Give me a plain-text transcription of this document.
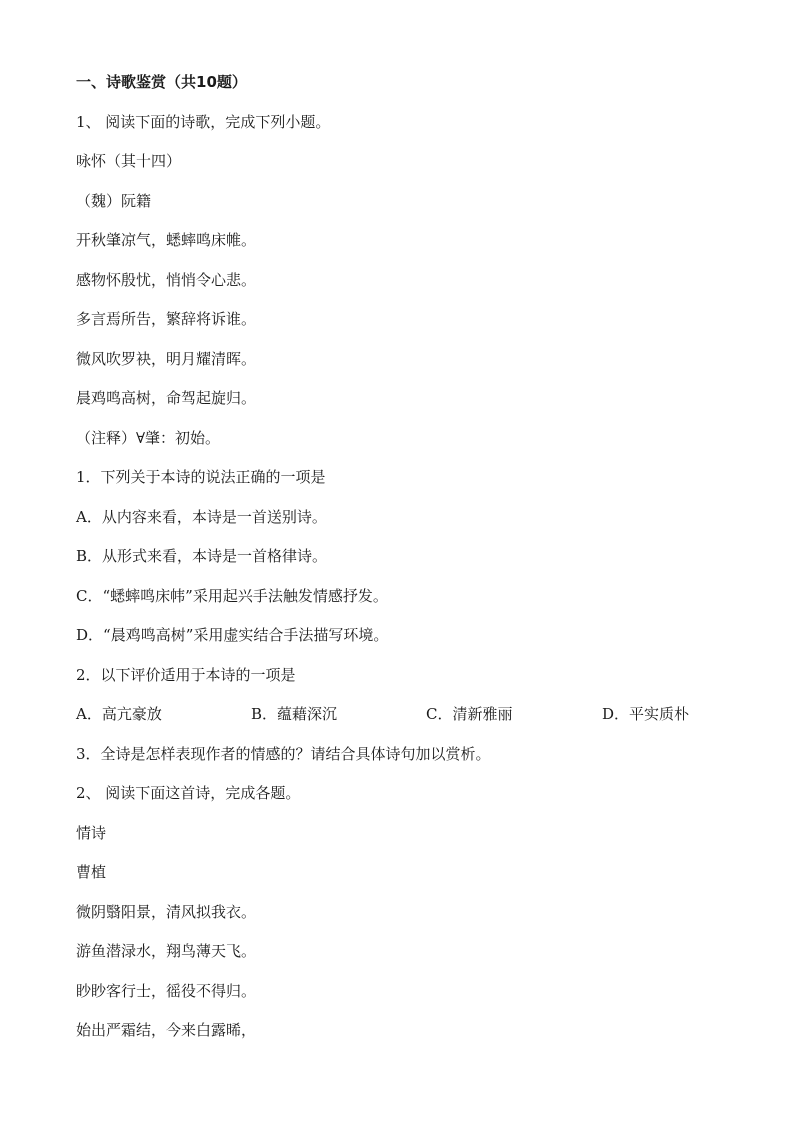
一、诗歌鉴赏（共10题）
1、 阅读下面的诗歌，完成下列小题。
咏怀（其十四）
（魏）阮籍
开秋肇凉气，蟋蟀鸣床帷。
感物怀殷忧，悄悄令心悲。
多言焉所告，繁辞将诉谁。
微风吹罗袂，明月耀清晖。
晨鸡鸣高树，命驾起旋归。
（注释）∀肇：初始。
1．下列关于本诗的说法正确的一项是
A．从内容来看，本诗是一首送别诗。
B．从形式来看，本诗是一首格律诗。
C．“蟋蟀鸣床帏”采用起兴手法触发情感抒发。
D．“晨鸡鸣高树”采用虚实结合手法描写环境。
2．以下评价适用于本诗的一项是
A．高亢豪放	B．蕴藉深沉	C．清新雅丽	D．平实质朴
3．全诗是怎样表现作者的情感的？请结合具体诗句加以赏析。
2、 阅读下面这首诗，完成各题。
情诗
曹植
微阴翳阳景，清风拟我衣。
游鱼潜渌水，翔鸟薄天飞。
眇眇客行士，徭役不得归。
始出严霜结，今来白露晞，
